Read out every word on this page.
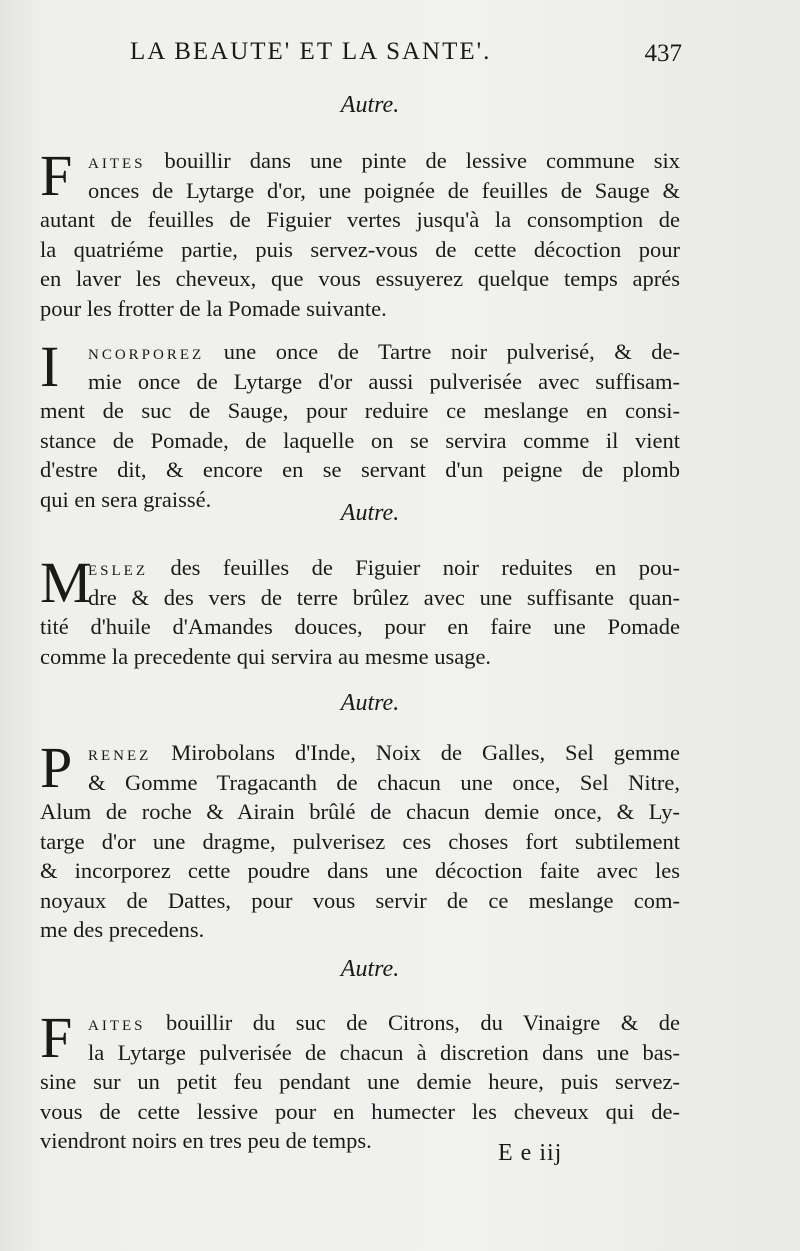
LA BEAUTE' ET LA SANTE'.	437
Autre.
F	AITES bouillir dans une pinte de lessive commune six
onces de Lytarge d'or, une poignée de feuilles de Sauge &
autant de feuilles de Figuier vertes jusqu'à la consomption de
la quatriéme partie, puis servez-vous de cette décoction pour
en laver les cheveux, que vous essuyerez quelque temps aprés
pour les frotter de la Pomade suivante.
I	NCORPOREZ une once de Tartre noir pulverisé, & de-
mie once de Lytarge d'or aussi pulverisée avec suffisam-
ment de suc de Sauge, pour reduire ce meslange en consi-
stance de Pomade, de laquelle on se servira comme il vient
d'estre dit, & encore en se servant d'un peigne de plomb
qui en sera graissé.
Autre.
M
ESLEZ des feuilles de Figuier noir reduites en pou-
dre & des vers de terre brûlez avec une suffisante quan-
tité d'huile d'Amandes douces, pour en faire une Pomade
comme la precedente qui servira au mesme usage.
Autre.
P	RENEZ Mirobolans d'Inde, Noix de Galles, Sel gemme
& Gomme Tragacanth de chacun une once, Sel Nitre,
Alum de roche & Airain brûlé de chacun demie once, & Ly-
targe d'or une dragme, pulverisez ces choses fort subtilement
& incorporez cette poudre dans une décoction faite avec les
noyaux de Dattes, pour vous servir de ce meslange com-
me des precedens.
Autre.
F	AITES bouillir du suc de Citrons, du Vinaigre & de
la Lytarge pulverisée de chacun à discretion dans une bas-
sine sur un petit feu pendant une demie heure, puis servez-
vous de cette lessive pour en humecter les cheveux qui de-
viendront noirs en tres peu de temps.	E e iij
